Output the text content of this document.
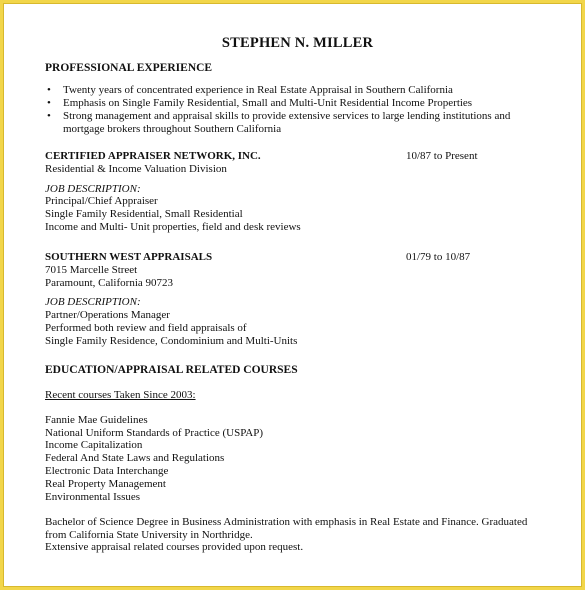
STEPHEN N. MILLER
PROFESSIONAL EXPERIENCE
• Twenty years of concentrated experience in Real Estate Appraisal in Southern California
• Emphasis on Single Family Residential, Small and Multi-Unit Residential Income Properties
• Strong management and appraisal skills to provide extensive services to large lending institutions and mortgage brokers throughout Southern California
CERTIFIED APPRAISER NETWORK, INC.
Residential & Income Valuation Division
JOB DESCRIPTION:
Principal/Chief Appraiser
Single Family Residential, Small Residential
Income and Multi- Unit properties, field and desk reviews
10/87 to Present
SOUTHERN WEST APPRAISALS
7015 Marcelle Street
Paramount, California 90723
JOB DESCRIPTION:
Partner/Operations Manager
Performed both review and field appraisals of
Single Family Residence, Condominium and Multi-Units
01/79 to 10/87
EDUCATION/APPRAISAL RELATED COURSES
Recent courses Taken Since 2003:
Fannie Mae Guidelines
National Uniform Standards of Practice (USPAP)
Income Capitalization
Federal And State Laws and Regulations
Electronic Data Interchange
Real Property Management
Environmental Issues
Bachelor of Science Degree in Business Administration with emphasis in Real Estate and Finance. Graduated from California State University in Northridge.
Extensive appraisal related courses provided upon request.
